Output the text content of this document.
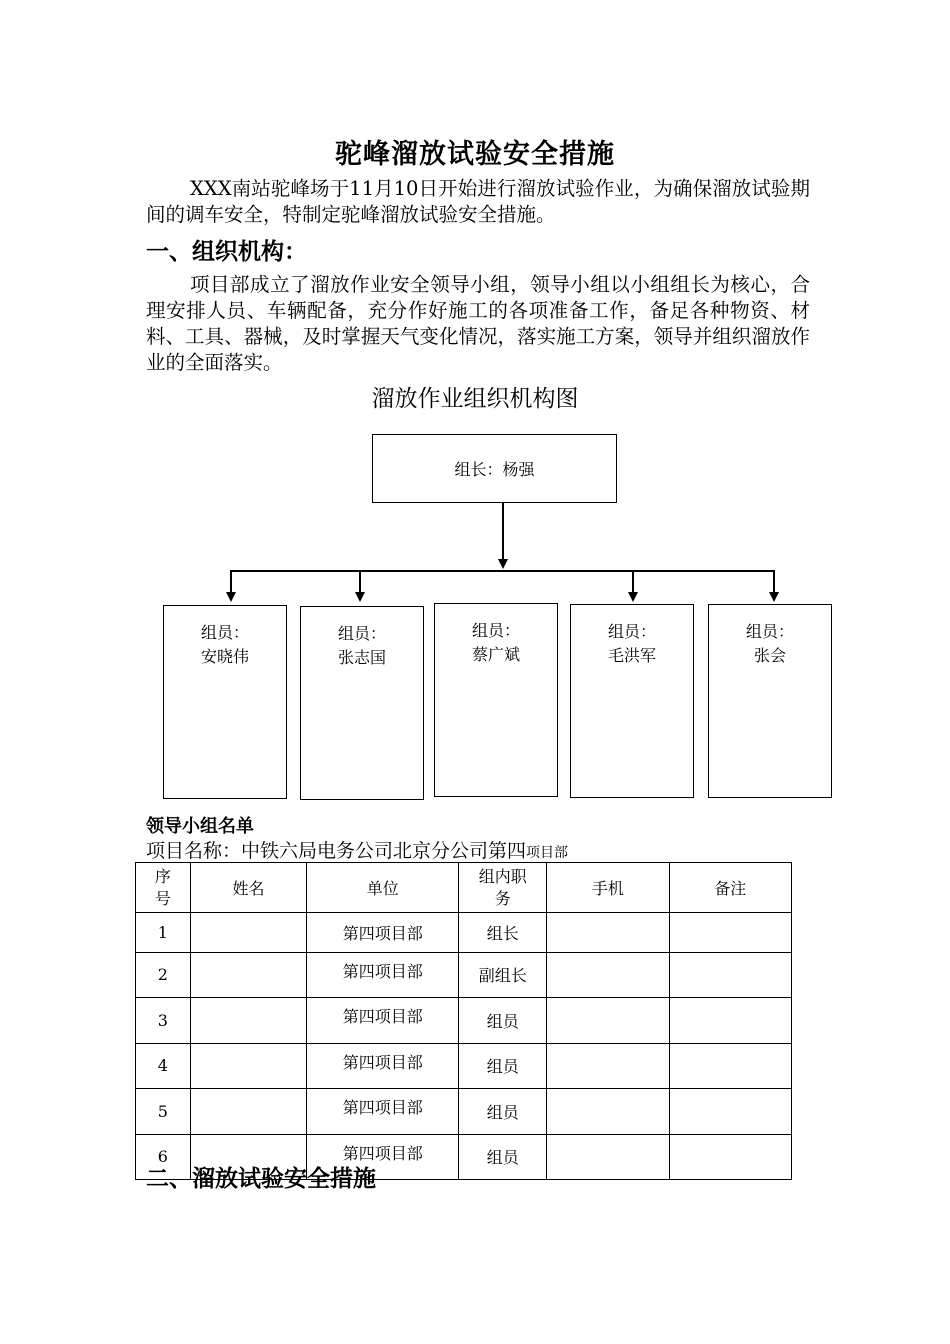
驼峰溜放试验安全措施

XXX南站驼峰场于11月10日开始进行溜放试验作业，为确保溜放试验期间的调车安全，特制定驼峰溜放试验安全措施。

一、组织机构：

项目部成立了溜放作业安全领导小组，领导小组以小组组长为核心，合理安排人员、车辆配备，充分作好施工的各项准备工作，备足各种物资、材料、工具、器械，及时掌握天气变化情况，落实施工方案，领导并组织溜放作业的全面落实。

溜放作业组织机构图
组长：杨强
组员：
安晓伟
组员：
张志国
组员：
蔡广斌
组员：
毛洪军
组员：
张会
领导小组名单
项目名称：中铁六局电务公司北京分公司第四项目部
序号	姓名	单位	组内职务	手机	备注
1		第四项目部	组长		
2		第四项目部	副组长		
3		第四项目部	组员		
4		第四项目部	组员		
5		第四项目部	组员		
6		第四项目部	组员		
二、溜放试验安全措施
